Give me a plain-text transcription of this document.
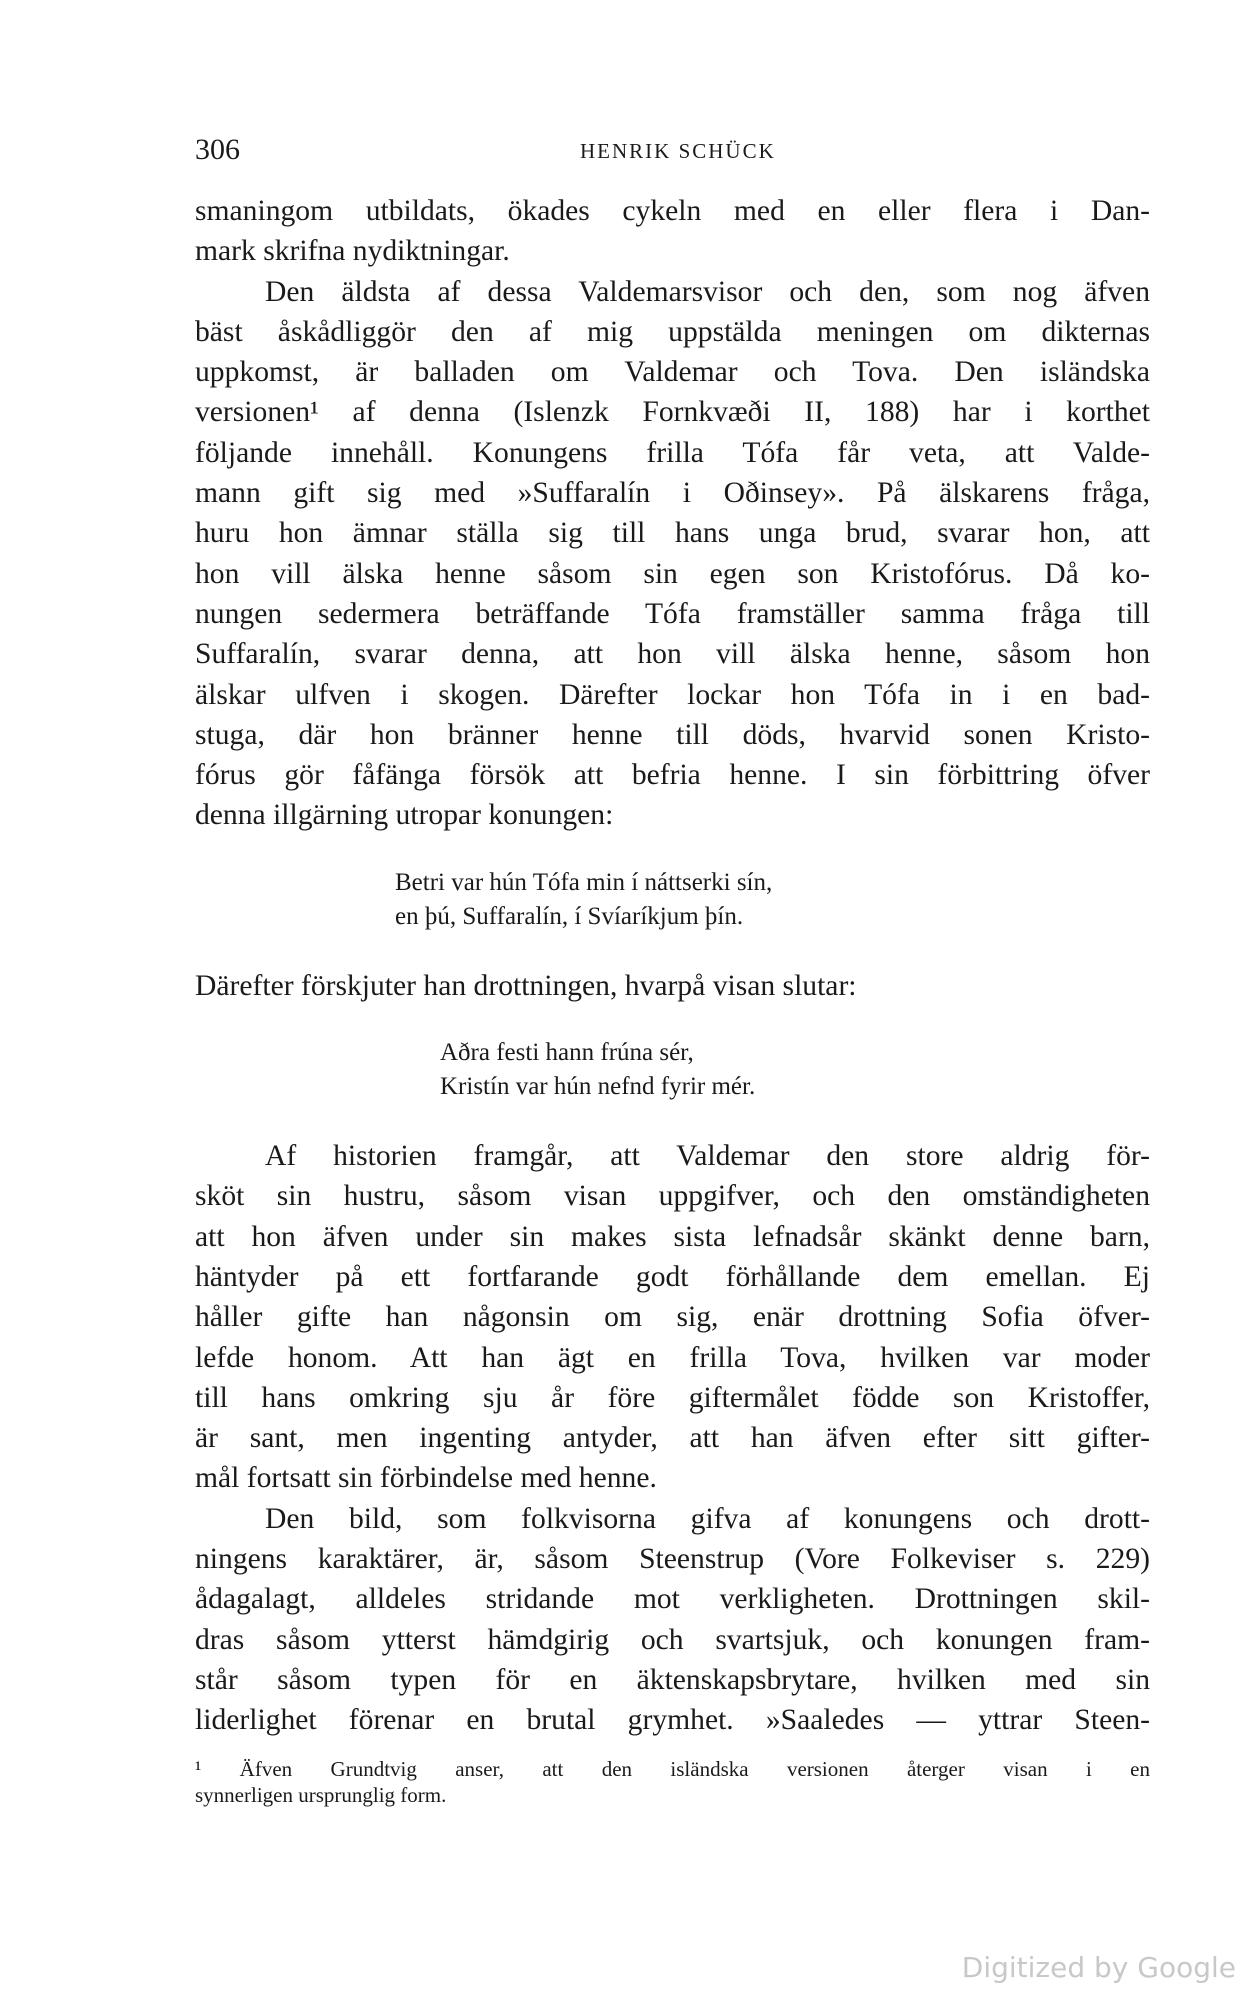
306	HENRIK SCHÜCK
smaningom utbildats, ökades cykeln med en eller flera i Dan-
mark skrifna nydiktningar.
Den äldsta af dessa Valdemarsvisor och den, som nog äfven
bäst åskådliggör den af mig uppstälda meningen om dikternas
uppkomst, är balladen om Valdemar och Tova. Den isländska
versionen¹ af denna (Islenzk Fornkvæði II, 188) har i korthet
följande innehåll. Konungens frilla Tófa får veta, att Valde-
mann gift sig med »Suffaralín i Oðinsey». På älskarens fråga,
huru hon ämnar ställa sig till hans unga brud, svarar hon, att
hon vill älska henne såsom sin egen son Kristofórus. Då ko-
nungen sedermera beträffande Tófa framställer samma fråga till
Suffaralín, svarar denna, att hon vill älska henne, såsom hon
älskar ulfven i skogen. Därefter lockar hon Tófa in i en bad-
stuga, där hon bränner henne till döds, hvarvid sonen Kristo-
fórus gör fåfänga försök att befria henne. I sin förbittring öfver
denna illgärning utropar konungen:
Betri var hún Tófa min í náttserki sín,
en þú, Suffaralín, í Svíaríkjum þín.
Därefter förskjuter han drottningen, hvarpå visan slutar:
Aðra festi hann frúna sér,
Kristín var hún nefnd fyrir mér.
Af historien framgår, att Valdemar den store aldrig för-
sköt sin hustru, såsom visan uppgifver, och den omständigheten
att hon äfven under sin makes sista lefnadsår skänkt denne barn,
häntyder på ett fortfarande godt förhållande dem emellan. Ej
håller gifte han någonsin om sig, enär drottning Sofia öfver-
lefde honom. Att han ägt en frilla Tova, hvilken var moder
till hans omkring sju år före giftermålet födde son Kristoffer,
är sant, men ingenting antyder, att han äfven efter sitt gifter-
mål fortsatt sin förbindelse med henne.
Den bild, som folkvisorna gifva af konungens och drott-
ningens karaktärer, är, såsom Steenstrup (Vore Folkeviser s. 229)
ådagalagt, alldeles stridande mot verkligheten. Drottningen skil-
dras såsom ytterst hämdgirig och svartsjuk, och konungen fram-
står såsom typen för en äktenskapsbrytare, hvilken med sin
liderlighet förenar en brutal grymhet. »Saaledes — yttrar Steen-
¹ Äfven Grundtvig anser, att den isländska versionen återger visan i en
synnerligen ursprunglig form.
Digitized by Google
